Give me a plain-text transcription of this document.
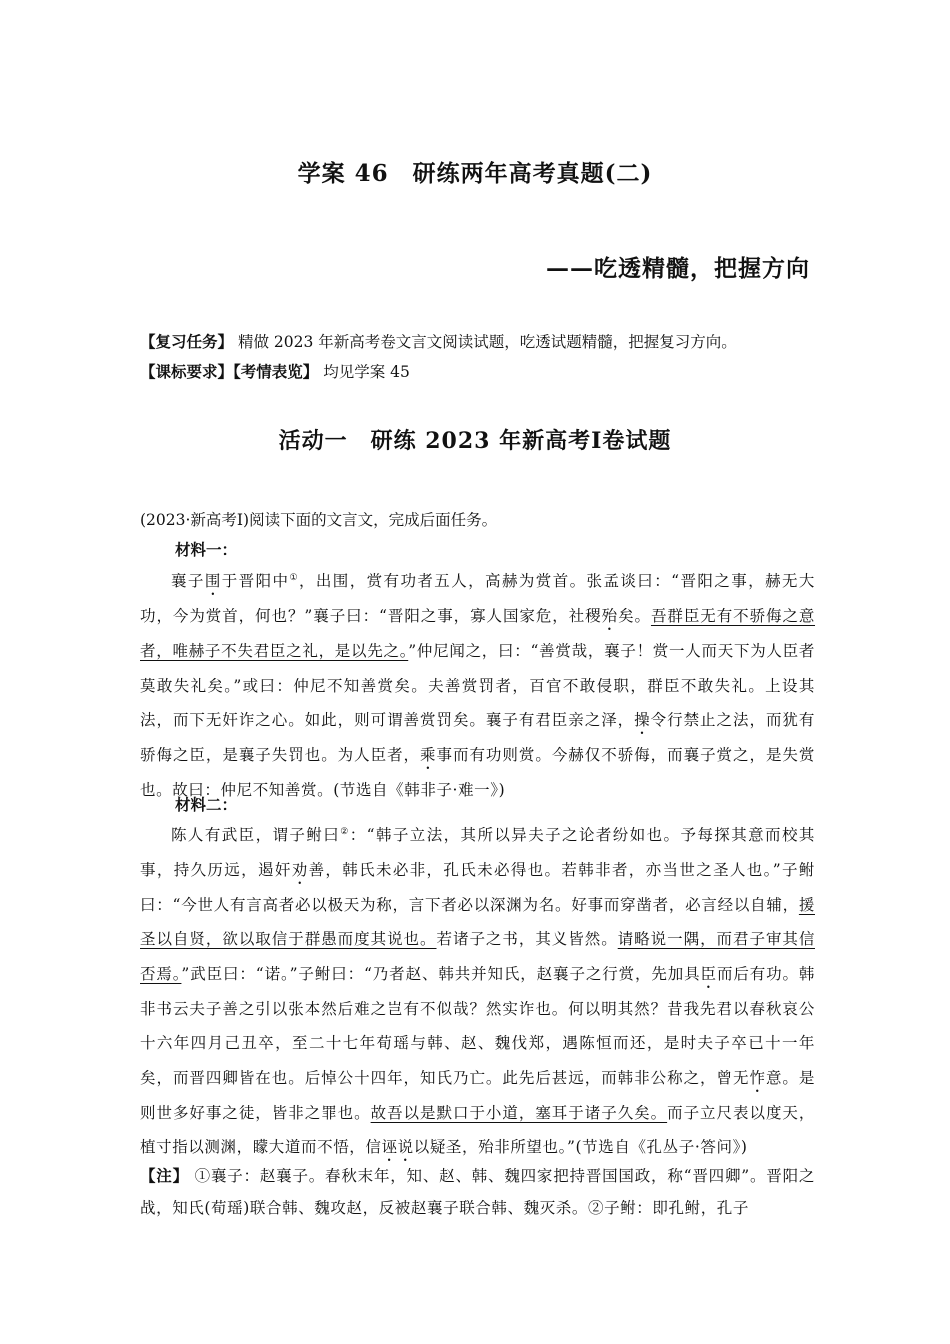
学案 46　研练两年高考真题(二)
——吃透精髓，把握方向
【复习任务】 精做 2023 年新高考卷文言文阅读试题，吃透试题精髓，把握复习方向。
【课标要求】【考情表览】 均见学案 45
活动一　研练 2023 年新高考Ⅰ卷试题
(2023·新高考Ⅰ)阅读下面的文言文，完成后面任务。
材料一：
襄子围于晋阳中①，出围，赏有功者五人，高赫为赏首。张孟谈曰：“晋阳之事，赫无大功，今为赏首，何也？”襄子曰：“晋阳之事，寡人国家危，社稷殆矣。吾群臣无有不骄侮之意者，唯赫子不失君臣之礼，是以先之。”仲尼闻之，曰：“善赏哉，襄子！赏一人而天下为人臣者莫敢失礼矣。”或曰：仲尼不知善赏矣。夫善赏罚者，百官不敢侵职，群臣不敢失礼。上设其法，而下无奸诈之心。如此，则可谓善赏罚矣。襄子有君臣亲之泽，操令行禁止之法，而犹有骄侮之臣，是襄子失罚也。为人臣者，乘事而有功则赏。今赫仅不骄侮，而襄子赏之，是失赏也。故曰：仲尼不知善赏。(节选自《韩非子·难一》)
材料二：
陈人有武臣，谓子鲋曰②：“韩子立法，其所以异夫子之论者纷如也。予每探其意而校其事，持久历远，遏奸劝善，韩氏未必非，孔氏未必得也。若韩非者，亦当世之圣人也。”子鲋曰：“今世人有言高者必以极天为称，言下者必以深渊为名。好事而穿凿者，必言经以自辅，援圣以自贤，欲以取信于群愚而度其说也。若诸子之书，其义皆然。请略说一隅，而君子审其信否焉。”武臣曰：“诺。”子鲋曰：“乃者赵、韩共并知氏，赵襄子之行赏，先加具臣而后有功。韩非书云夫子善之引以张本然后难之岂有不似哉？然实诈也。何以明其然？昔我先君以春秋哀公十六年四月己丑卒，至二十七年荀瑶与韩、赵、魏伐郑，遇陈恒而还，是时夫子卒已十一年矣，而晋四卿皆在也。后悼公十四年，知氏乃亡。此先后甚远，而韩非公称之，曾无怍意。是则世多好事之徒，皆非之罪也。故吾以是默口于小道，塞耳于诸子久矣。而子立尺表以度天，植寸指以测渊，矇大道而不悟，信诬说以疑圣，殆非所望也。”(节选自《孔丛子·答问》)
【注】 ①襄子：赵襄子。春秋末年，知、赵、韩、魏四家把持晋国国政，称“晋四卿”。晋阳之战，知氏(荀瑶)联合韩、魏攻赵，反被赵襄子联合韩、魏灭杀。②子鲋：即孔鲋，孔子
